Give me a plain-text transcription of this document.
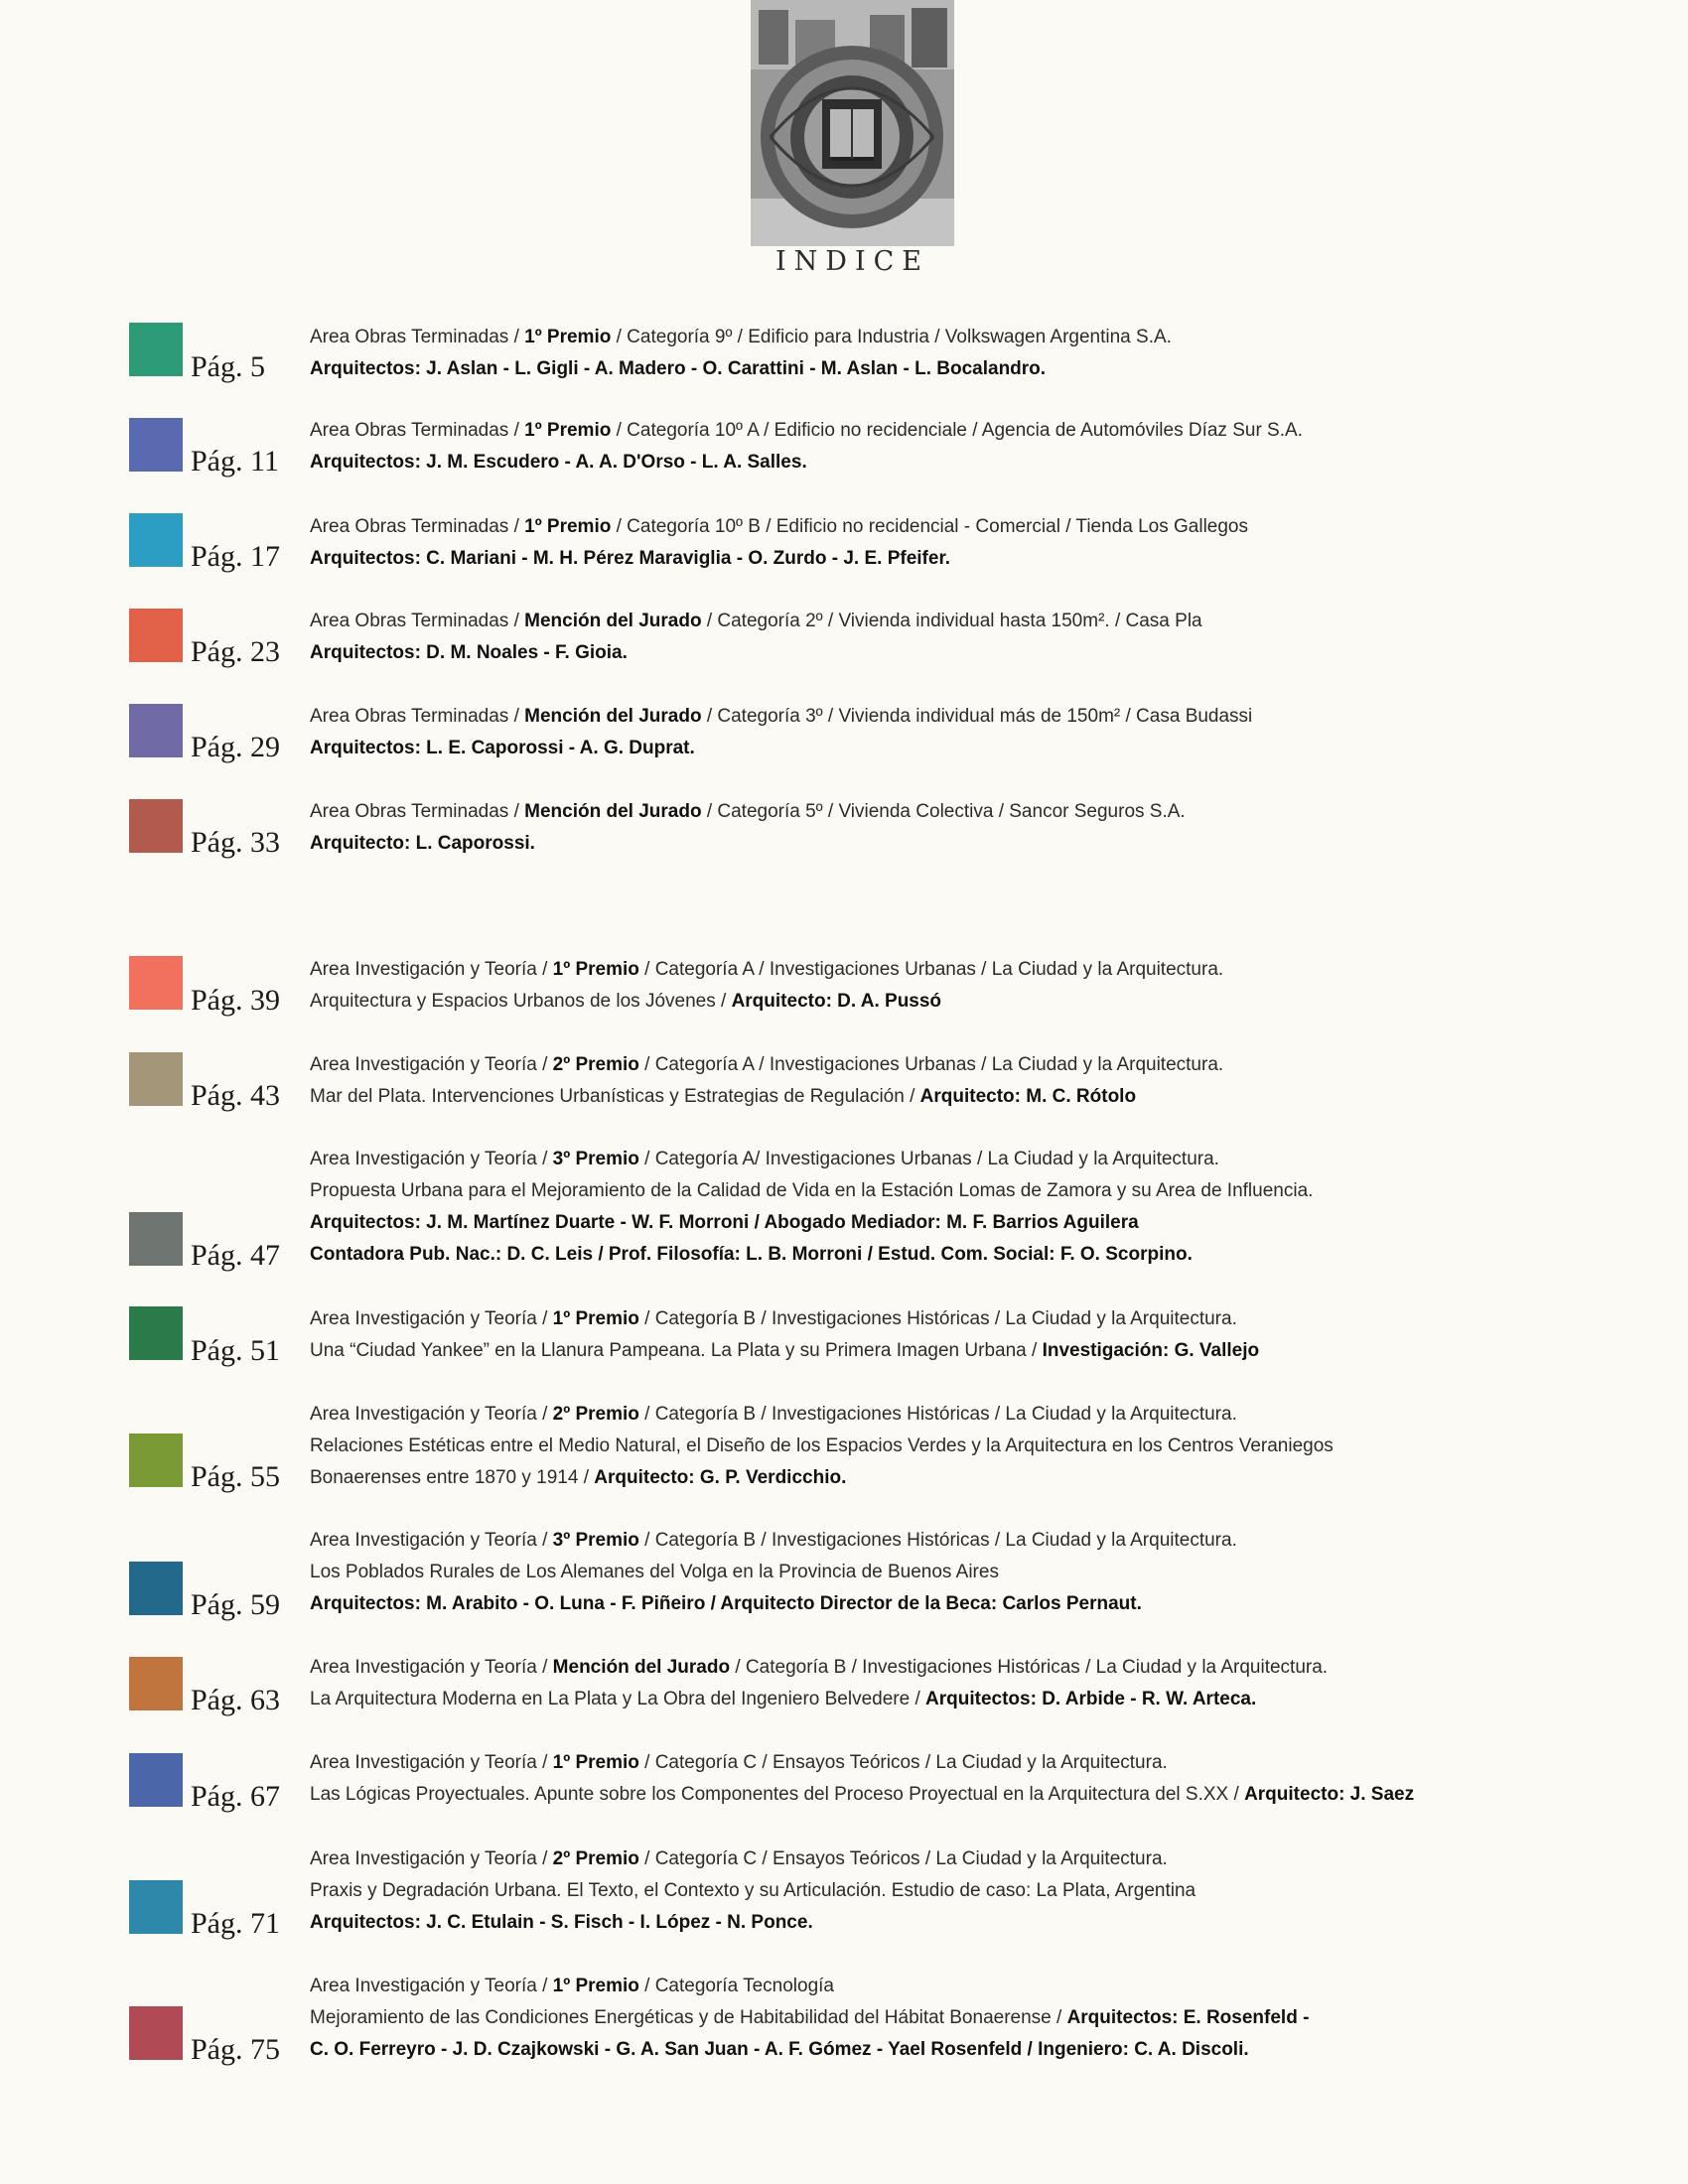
INDICE
Pág. 5
Area Obras Terminadas / 1º Premio / Categoría 9º / Edificio para Industria / Volkswagen Argentina S.A.
Arquitectos: J. Aslan - L. Gigli - A. Madero - O. Carattini - M. Aslan - L. Bocalandro.
Pág. 11
Area Obras Terminadas / 1º Premio / Categoría 10º A / Edificio no recidenciale / Agencia de Automóviles Díaz Sur S.A.
Arquitectos: J. M. Escudero - A. A. D'Orso - L. A. Salles.
Pág. 17
Area Obras Terminadas / 1º Premio / Categoría 10º B / Edificio no recidencial - Comercial / Tienda Los Gallegos
Arquitectos: C. Mariani - M. H. Pérez Maraviglia - O. Zurdo - J. E. Pfeifer.
Pág. 23
Area Obras Terminadas / Mención del Jurado / Categoría 2º / Vivienda individual hasta 150m². / Casa Pla
Arquitectos: D. M. Noales - F. Gioia.
Pág. 29
Area Obras Terminadas / Mención del Jurado / Categoría 3º / Vivienda individual más de 150m² / Casa Budassi
Arquitectos: L. E. Caporossi - A. G. Duprat.
Pág. 33
Area Obras Terminadas / Mención del Jurado / Categoría 5º / Vivienda Colectiva / Sancor Seguros S.A.
Arquitecto: L. Caporossi.
Pág. 39
Area Investigación y Teoría / 1º Premio / Categoría A / Investigaciones Urbanas / La Ciudad y la Arquitectura.
Arquitectura y Espacios Urbanos de los Jóvenes / Arquitecto: D. A. Pussó
Pág. 43
Area Investigación y Teoría / 2º Premio / Categoría A / Investigaciones Urbanas / La Ciudad y la Arquitectura.
Mar del Plata. Intervenciones Urbanísticas y Estrategias de Regulación / Arquitecto: M. C. Rótolo
Pág. 47
Area Investigación y Teoría / 3º Premio / Categoría A/ Investigaciones Urbanas / La Ciudad y la Arquitectura.
Propuesta Urbana para el Mejoramiento de la Calidad de Vida en la Estación Lomas de Zamora y su Area de Influencia.
Arquitectos: J. M. Martínez Duarte - W. F. Morroni / Abogado Mediador: M. F. Barrios Aguilera
Contadora Pub. Nac.: D. C. Leis / Prof. Filosofía: L. B. Morroni / Estud. Com. Social: F. O. Scorpino.
Pág. 51
Area Investigación y Teoría / 1º Premio / Categoría B / Investigaciones Históricas / La Ciudad y la Arquitectura.
Una “Ciudad Yankee” en la Llanura Pampeana. La Plata y su Primera Imagen Urbana / Investigación: G. Vallejo
Pág. 55
Area Investigación y Teoría / 2º Premio / Categoría B / Investigaciones Históricas / La Ciudad y la Arquitectura.
Relaciones Estéticas entre el Medio Natural, el Diseño de los Espacios Verdes y la Arquitectura en los Centros Veraniegos
Bonaerenses entre 1870 y 1914 / Arquitecto: G. P. Verdicchio.
Pág. 59
Area Investigación y Teoría / 3º Premio / Categoría B / Investigaciones Históricas / La Ciudad y la Arquitectura.
Los Poblados Rurales de Los Alemanes del Volga en la Provincia de Buenos Aires
Arquitectos: M. Arabito - O. Luna - F. Piñeiro / Arquitecto Director de la Beca: Carlos Pernaut.
Pág. 63
Area Investigación y Teoría / Mención del Jurado / Categoría B / Investigaciones Históricas / La Ciudad y la Arquitectura.
La Arquitectura Moderna en La Plata y La Obra del Ingeniero Belvedere / Arquitectos: D. Arbide - R. W. Arteca.
Pág. 67
Area Investigación y Teoría / 1º Premio / Categoría C / Ensayos Teóricos / La Ciudad y la Arquitectura.
Las Lógicas Proyectuales. Apunte sobre los Componentes del Proceso Proyectual en la Arquitectura del S.XX / Arquitecto: J. Saez
Pág. 71
Area Investigación y Teoría / 2º Premio / Categoría C / Ensayos Teóricos / La Ciudad y la Arquitectura.
Praxis y Degradación Urbana. El Texto, el Contexto y su Articulación. Estudio de caso: La Plata, Argentina
Arquitectos: J. C. Etulain - S. Fisch - I. López - N. Ponce.
Pág. 75
Area Investigación y Teoría / 1º Premio / Categoría Tecnología
Mejoramiento de las Condiciones Energéticas y de Habitabilidad del Hábitat Bonaerense / Arquitectos: E. Rosenfeld -
C. O. Ferreyro - J. D. Czajkowski - G. A. San Juan - A. F. Gómez - Yael Rosenfeld / Ingeniero: C. A. Discoli.
